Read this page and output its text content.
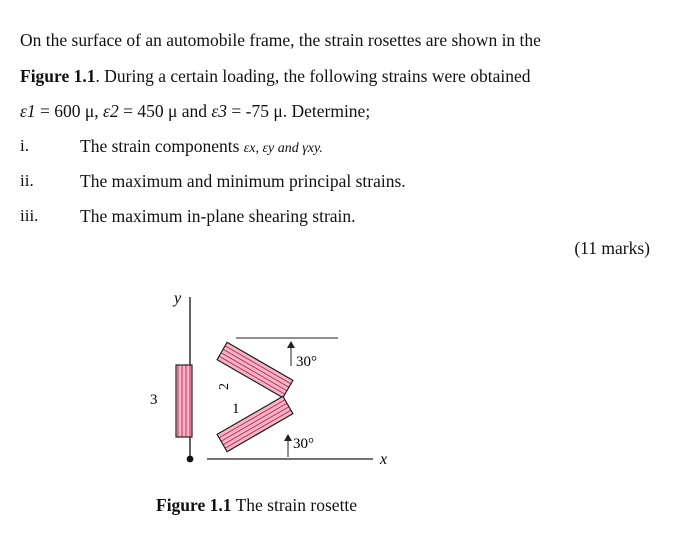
On the surface of an automobile frame, the strain rosettes are shown in the
Figure 1.1. During a certain loading, the following strains were obtained
ε1 = 600 μ, ε2 = 450 μ and ε3 = -75 μ. Determine;
i.	The strain components εx, εy and γxy.
ii.	The maximum and minimum principal strains.
iii. The maximum in-plane shearing strain.
(11 marks)
y
x
3
2
1
30°
30°
Figure 1.1 The strain rosette
